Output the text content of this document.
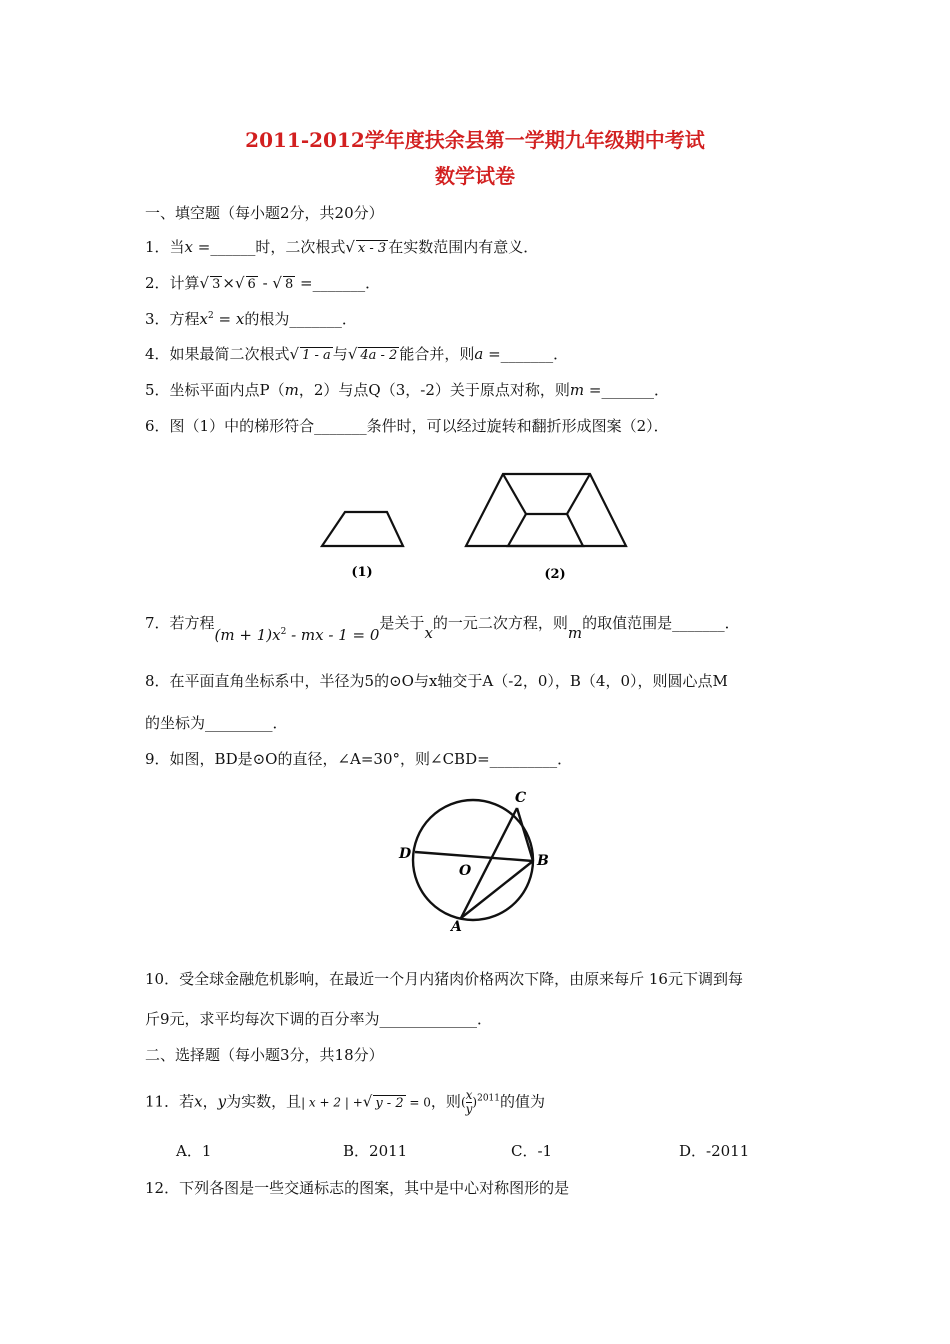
2011-2012学年度扶余县第一学期九年级期中考试
数学试卷
一、填空题（每小题2分，共20分）
1．当x =______时，二次根式√ x - 3 在实数范围内有意义．
2．计算√ 3 ×√ 6 - √ 8 =_______．
3．方程$x^2 = x$的根为_______．
4．如果最简二次根式√ 1 - a 与√ 4a - 2 能合并，则a =_______．
5．坐标平面内点P（m，2）与点Q（3，-2）关于原点对称，则m =_______．
6．图（1）中的梯形符合_______条件时，可以经过旋转和翻折形成图案（2）．
(1)	(2)
7．若方程$(m + 1)x^2$ - mx - 1 = 0是关于x的一元二次方程，则m的取值范围是_______．
8．在平面直角坐标系中，半径为5的⊙O与x轴交于A（-2，0），B（4，0），则圆心点M
的坐标为_________．
9．如图，BD是⊙O的直径，∠A=30°，则∠CBD=_________．
C
D
O
B
A
10．受全球金融危机影响，在最近一个月内猪肉价格两次下降，由原来每斤 16元下调到每
斤9元，求平均每次下调的百分率为_____________．
二、选择题（每小题3分，共18分）
11．若x，y为实数，且| x + 2 | +√ y - 2 = 0，则( $\frac{x}{y} )^{2011}$的值为
A．1	B．2011	C．-1	D．-2011
12．下列各图是一些交通标志的图案，其中是中心对称图形的是
